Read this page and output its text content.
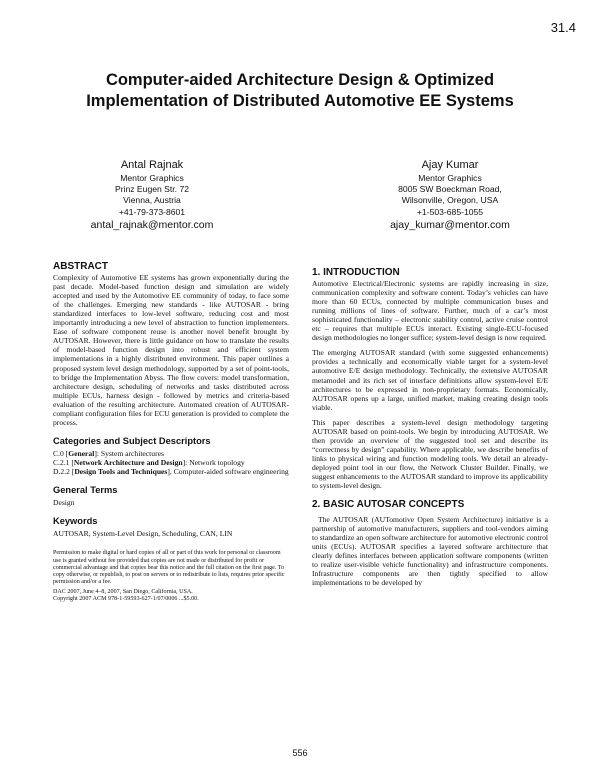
31.4
Computer-aided Architecture Design & Optimized
Implementation of Distributed Automotive EE Systems
Antal Rajnak
Mentor Graphics
Prinz Eugen Str. 72
Vienna, Austria
+41-79-373-8601
antal_rajnak@mentor.com
Ajay Kumar
Mentor Graphics
8005 SW Boeckman Road,
Wilsonville, Oregon, USA
+1-503-685-1055
ajay_kumar@mentor.com
ABSTRACT

Complexity of Automotive EE systems has grown exponentially during the past decade. Model-based function design and simulation are widely accepted and used by the Automotive EE community of today, to face some of the challenges. Emerging new standards - like AUTOSAR - bring standardized interfaces to low-level software, reducing cost and most importantly introducing a new level of abstraction to function implementers. Ease of software component reuse is another novel benefit brought by AUTOSAR. However, there is little guidance on how to translate the results of model-based function design into robust and efficient system implementations in a highly distributed environment. This paper outlines a proposed system level design methodology, supported by a set of point-tools, to bridge the Implementation Abyss. The flow covers: model transformation, architecture design, scheduling of networks and tasks distributed across multiple ECUs, harness design - followed by metrics and criteria-based evaluation of the resulting architecture. Automated creation of AUTOSAR-compliant configuration files for ECU generation is provided to complete the process.

Categories and Subject Descriptors
C.0 [General]: System architectures
C.2.1 [Network Architecture and Design]: Network topology
D.2.2 [Design Tools and Techniques], Computer-aided software engineering
General Terms
Design
Keywords
AUTOSAR, System-Level Design, Scheduling, CAN, LIN
Permission to make digital or hard copies of all or part of this work for personal or classroom use is granted without fee provided that copies are not made or distributed for profit or commercial advantage and that copies bear this notice and the full citation on the first page. To copy otherwise, or republish, to post on servers or to redistribute to lists, requires prior specific permission and/or a fee.
DAC 2007, June 4–8, 2007, San Diego, California, USA.
Copyright 2007 ACM 978-1-59593-627-1/07/0006 ...$5.00.
1. INTRODUCTION

Automotive Electrical/Electronic systems are rapidly increasing in size, communication complexity and software content. Today’s vehicles can have more than 60 ECUs, connected by multiple communication buses and running millions of lines of software. Further, much of a car’s most sophisticated functionality – electronic stability control, active cruise control etc – requires that multiple ECUs interact. Existing single-ECU-focused design methodologies no longer suffice; system-level design is now required.

The emerging AUTOSAR standard (with some suggested enhancements) provides a technically and economically viable target for a system-level automotive E/E design methodology. Technically, the extensive AUTOSAR metamodel and its rich set of interface definitions allow system-level E/E architectures to be expressed in non-proprietary formats. Economically, AUTOSAR opens up a large, unified market, making creating design tools viable.

This paper describes a system-level design methodology targeting AUTOSAR based on point-tools. We begin by introducing AUTOSAR. We then provide an overview of the suggested tool set and describe its “correctness by design” capability. Where applicable, we describe benefits of links to physical wiring and function modeling tools. We detail an already-deployed point tool in our flow, the Network Cluster Builder. Finally, we suggest enhancements to the AUTOSAR standard to improve its applicability to system-level design.

2. BASIC AUTOSAR CONCEPTS

The AUTOSAR (AUTomotive Open System Architecture) initiative is a partnership of automotive manufacturers, suppliers and tool-vendors aiming to standardize an open software architecture for automotive electronic control units (ECUs). AUTOSAR specifies a layered software architecture that clearly defines interfaces between application software components (written to realize user-visible vehicle functionality) and infrastructure components. Infrastructure components are then tightly specified to allow implementations to be developed by

556
